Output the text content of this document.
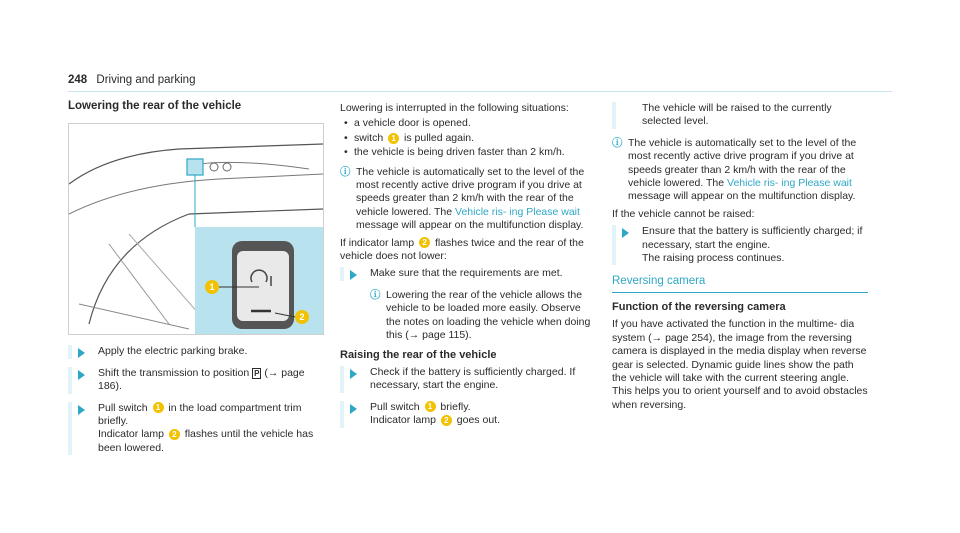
248 Driving and parking
Lowering the rear of the vehicle
1
2
Apply the electric parking brake.
Shift the transmission to position P (→ page 186).
Pull switch 1 in the load compartment trim briefly.
Indicator lamp 2 flashes until the vehicle has been lowered.
Lowering is interrupted in the following situations:
• a vehicle door is opened.
• switch 1 is pulled again.
• the vehicle is being driven faster than 2 km/h.
ⓘ The vehicle is automatically set to the level of the most recently active drive program if you drive at speeds greater than 2 km/h with the rear of the vehicle lowered. The Vehicle ris- ing Please wait message will appear on the multifunction display.
If indicator lamp 2 flashes twice and the rear of the vehicle does not lower:
Make sure that the requirements are met.
ⓘ Lowering the rear of the vehicle allows the vehicle to be loaded more easily. Observe the notes on loading the vehicle when doing this (→ page 115).
Raising the rear of the vehicle
Check if the battery is sufficiently charged. If necessary, start the engine.
Pull switch 1 briefly.
Indicator lamp 2 goes out.
The vehicle will be raised to the currently selected level.
ⓘ The vehicle is automatically set to the level of the most recently active drive program if you drive at speeds greater than 2 km/h with the rear of the vehicle lowered. The Vehicle ris- ing Please wait message will appear on the multifunction display.
If the vehicle cannot be raised:
Ensure that the battery is sufficiently charged; if necessary, start the engine.
The raising process continues.
Reversing camera
Function of the reversing camera
If you have activated the function in the multime- dia system (→ page 254), the image from the reversing camera is displayed in the media display when reverse gear is selected. Dynamic guide lines show the path the vehicle will take with the current steering angle. This helps you to orient yourself and to avoid obstacles when reversing.
